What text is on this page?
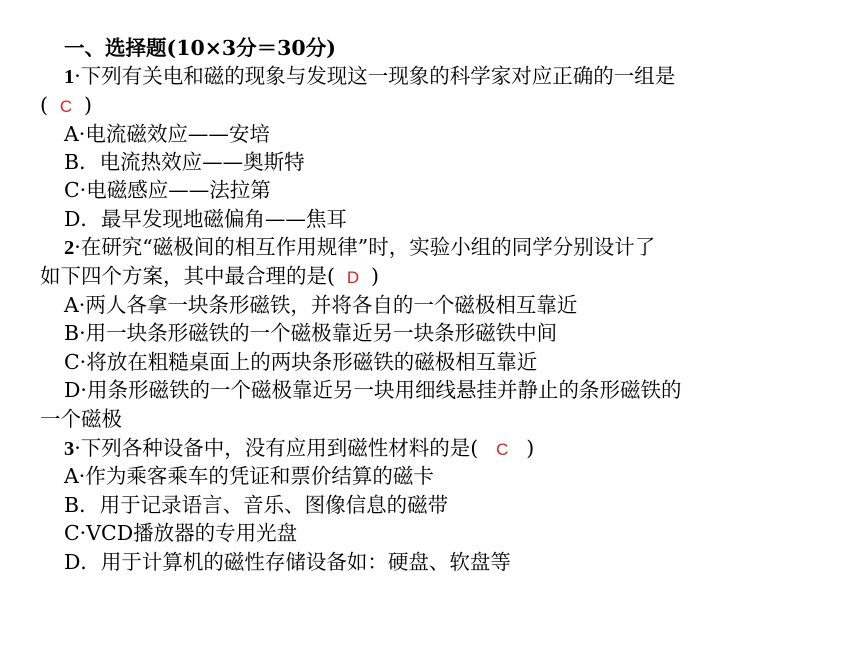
一、选择题(10×3分＝30分)
1·下列有关电和磁的现象与发现这一现象的科学家对应正确的一组是
( C )
A·电流磁效应——安培
B．电流热效应——奥斯特
C·电磁感应——法拉第
D．最早发现地磁偏角——焦耳
2·在研究“磁极间的相互作用规律”时，实验小组的同学分别设计了
如下四个方案，其中最合理的是( D )
A·两人各拿一块条形磁铁，并将各自的一个磁极相互靠近
B·用一块条形磁铁的一个磁极靠近另一块条形磁铁中间
C·将放在粗糙桌面上的两块条形磁铁的磁极相互靠近
D·用条形磁铁的一个磁极靠近另一块用细线悬挂并静止的条形磁铁的
一个磁极
3·下列各种设备中，没有应用到磁性材料的是( C )
A·作为乘客乘车的凭证和票价结算的磁卡
B．用于记录语言、音乐、图像信息的磁带
C·VCD播放器的专用光盘
D．用于计算机的磁性存储设备如：硬盘、软盘等
